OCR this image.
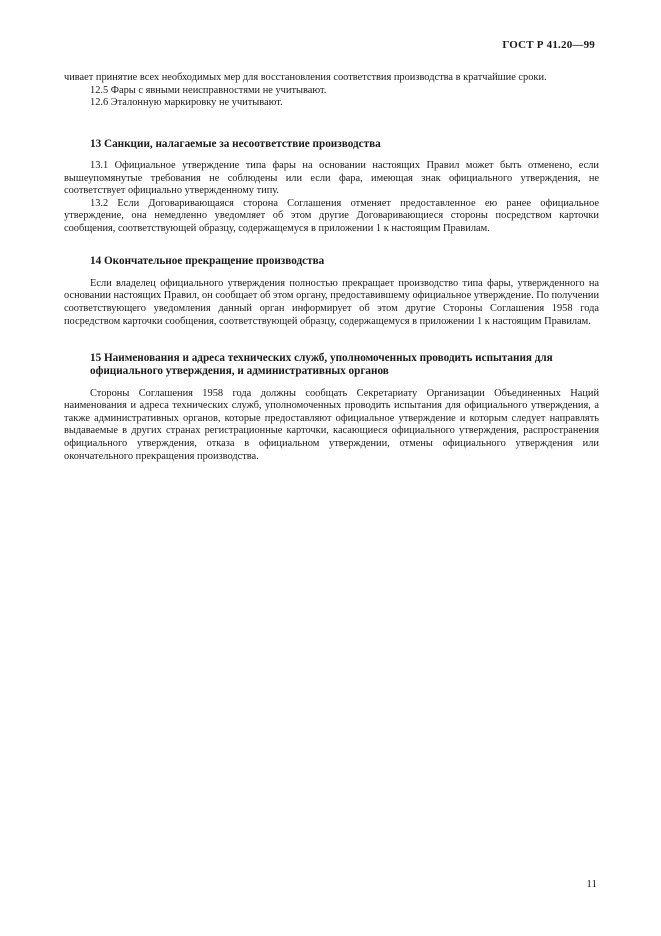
ГОСТ Р 41.20—99

чивает принятие всех необходимых мер для восстановления соответствия производства в кратчайшие сроки.

12.5 Фары с явными неисправностями не учитывают.

12.6 Эталонную маркировку не учитывают.

13 Санкции, налагаемые за несоответствие производства

13.1 Официальное утверждение типа фары на основании настоящих Правил может быть отменено, если вышеупомянутые требования не соблюдены или если фара, имеющая знак официального утверждения, не соответствует официально утвержденному типу.

13.2 Если Договаривающаяся сторона Соглашения отменяет предоставленное ею ранее официальное утверждение, она немедленно уведомляет об этом другие Договаривающиеся стороны посредством карточки сообщения, соответствующей образцу, содержащемуся в приложении 1 к настоящим Правилам.

14 Окончательное прекращение производства

Если владелец официального утверждения полностью прекращает производство типа фары, утвержденного на основании настоящих Правил, он сообщает об этом органу, предоставившему официальное утверждение. По получении соответствующего уведомления данный орган информирует об этом другие Стороны Соглашения 1958 года посредством карточки сообщения, соответствующей образцу, содержащемуся в приложении 1 к настоящим Правилам.

15 Наименования и адреса технических служб, уполномоченных проводить испытания для официального утверждения, и административных органов

Стороны Соглашения 1958 года должны сообщать Секретариату Организации Объединенных Наций наименования и адреса технических служб, уполномоченных проводить испытания для официального утверждения, а также административных органов, которые предоставляют официальное утверждение и которым следует направлять выдаваемые в других странах регистрационные карточки, касающиеся официального утверждения, распространения официального утверждения, отказа в официальном утверждении, отмены официального утверждения или окончательного прекращения производства.

11
